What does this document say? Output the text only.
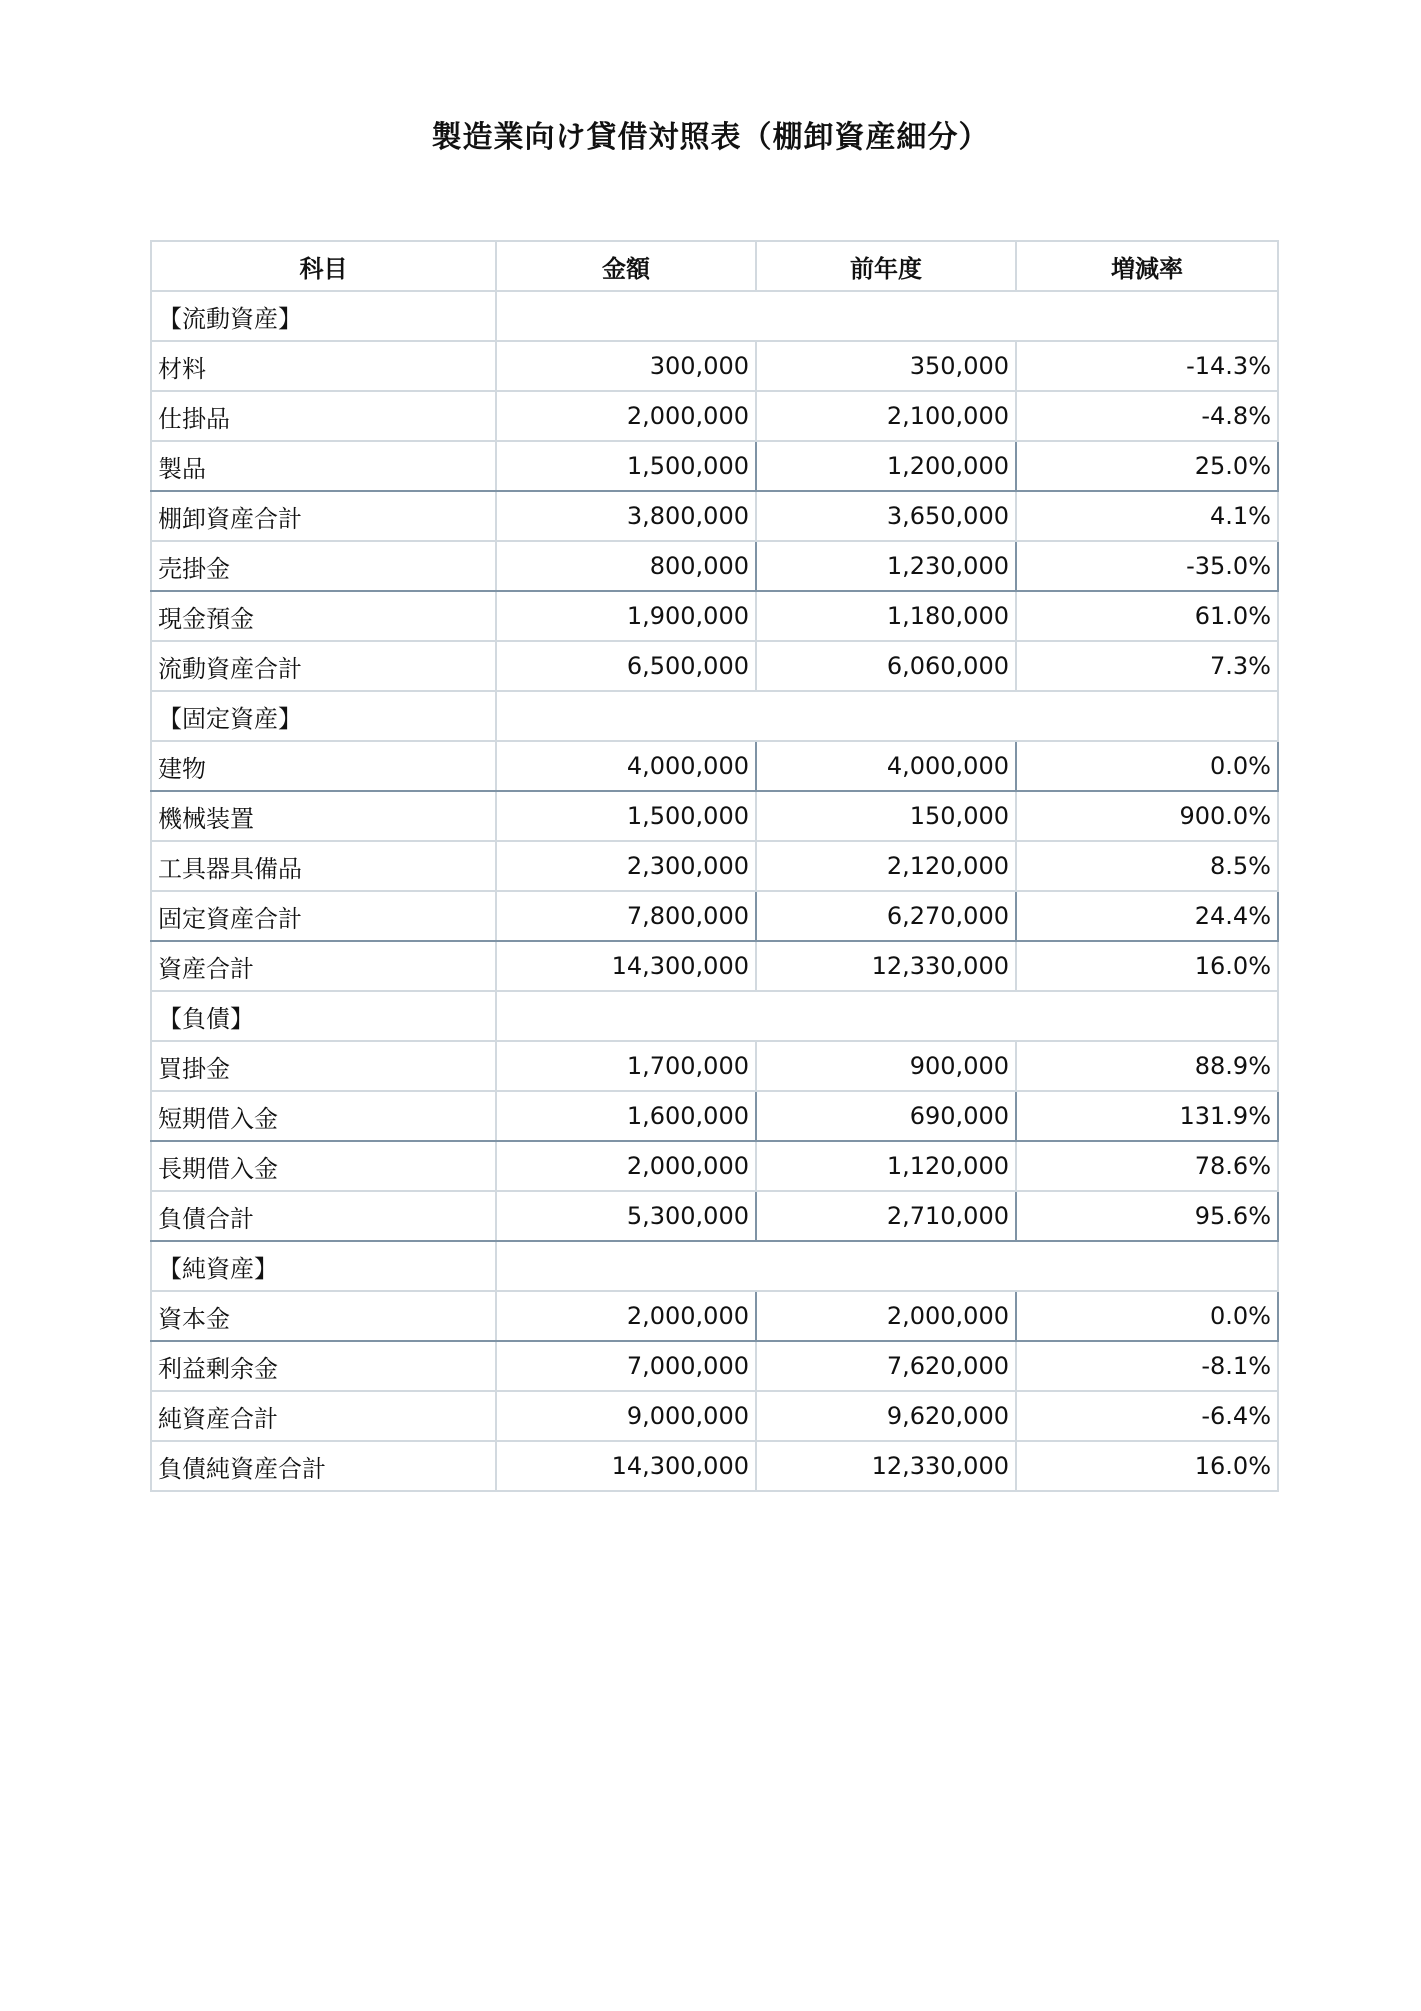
製造業向け貸借対照表（棚卸資産細分）
科目	金額	前年度	増減率
【流動資産】			
材料	300,000	350,000	-14.3%
仕掛品	2,000,000	2,100,000	-4.8%
製品	1,500,000	1,200,000	25.0%
棚卸資産合計	3,800,000	3,650,000	4.1%
売掛金	800,000	1,230,000	-35.0%
現金預金	1,900,000	1,180,000	61.0%
流動資産合計	6,500,000	6,060,000	7.3%
【固定資産】			
建物	4,000,000	4,000,000	0.0%
機械装置	1,500,000	150,000	900.0%
工具器具備品	2,300,000	2,120,000	8.5%
固定資産合計	7,800,000	6,270,000	24.4%
資産合計	14,300,000	12,330,000	16.0%
【負債】			
買掛金	1,700,000	900,000	88.9%
短期借入金	1,600,000	690,000	131.9%
長期借入金	2,000,000	1,120,000	78.6%
負債合計	5,300,000	2,710,000	95.6%
【純資産】			
資本金	2,000,000	2,000,000	0.0%
利益剰余金	7,000,000	7,620,000	-8.1%
純資産合計	9,000,000	9,620,000	-6.4%
負債純資産合計	14,300,000	12,330,000	16.0%
